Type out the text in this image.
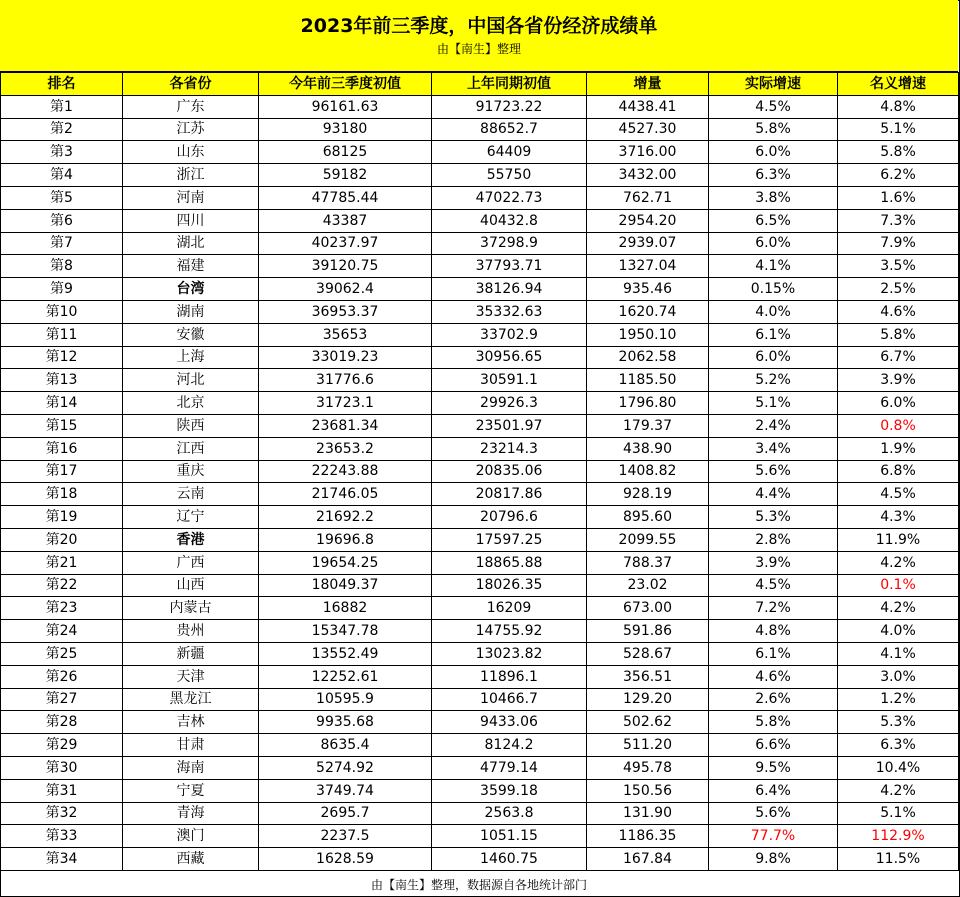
2023年前三季度，中国各省份经济成绩单
由【南生】整理
排名	各省份	今年前三季度初值	上年同期初值	增量	实际增速	名义增速
第1	广东	96161.63	91723.22	4438.41	4.5%	4.8%
第2	江苏	93180	88652.7	4527.30	5.8%	5.1%
第3	山东	68125	64409	3716.00	6.0%	5.8%
第4	浙江	59182	55750	3432.00	6.3%	6.2%
第5	河南	47785.44	47022.73	762.71	3.8%	1.6%
第6	四川	43387	40432.8	2954.20	6.5%	7.3%
第7	湖北	40237.97	37298.9	2939.07	6.0%	7.9%
第8	福建	39120.75	37793.71	1327.04	4.1%	3.5%
第9	台湾	39062.4	38126.94	935.46	0.15%	2.5%
第10	湖南	36953.37	35332.63	1620.74	4.0%	4.6%
第11	安徽	35653	33702.9	1950.10	6.1%	5.8%
第12	上海	33019.23	30956.65	2062.58	6.0%	6.7%
第13	河北	31776.6	30591.1	1185.50	5.2%	3.9%
第14	北京	31723.1	29926.3	1796.80	5.1%	6.0%
第15	陕西	23681.34	23501.97	179.37	2.4%	0.8%
第16	江西	23653.2	23214.3	438.90	3.4%	1.9%
第17	重庆	22243.88	20835.06	1408.82	5.6%	6.8%
第18	云南	21746.05	20817.86	928.19	4.4%	4.5%
第19	辽宁	21692.2	20796.6	895.60	5.3%	4.3%
第20	香港	19696.8	17597.25	2099.55	2.8%	11.9%
第21	广西	19654.25	18865.88	788.37	3.9%	4.2%
第22	山西	18049.37	18026.35	23.02	4.5%	0.1%
第23	内蒙古	16882	16209	673.00	7.2%	4.2%
第24	贵州	15347.78	14755.92	591.86	4.8%	4.0%
第25	新疆	13552.49	13023.82	528.67	6.1%	4.1%
第26	天津	12252.61	11896.1	356.51	4.6%	3.0%
第27	黑龙江	10595.9	10466.7	129.20	2.6%	1.2%
第28	吉林	9935.68	9433.06	502.62	5.8%	5.3%
第29	甘肃	8635.4	8124.2	511.20	6.6%	6.3%
第30	海南	5274.92	4779.14	495.78	9.5%	10.4%
第31	宁夏	3749.74	3599.18	150.56	6.4%	4.2%
第32	青海	2695.7	2563.8	131.90	5.6%	5.1%
第33	澳门	2237.5	1051.15	1186.35	77.7%	112.9%
第34	西藏	1628.59	1460.75	167.84	9.8%	11.5%
由【南生】整理，数据源自各地统计部门
